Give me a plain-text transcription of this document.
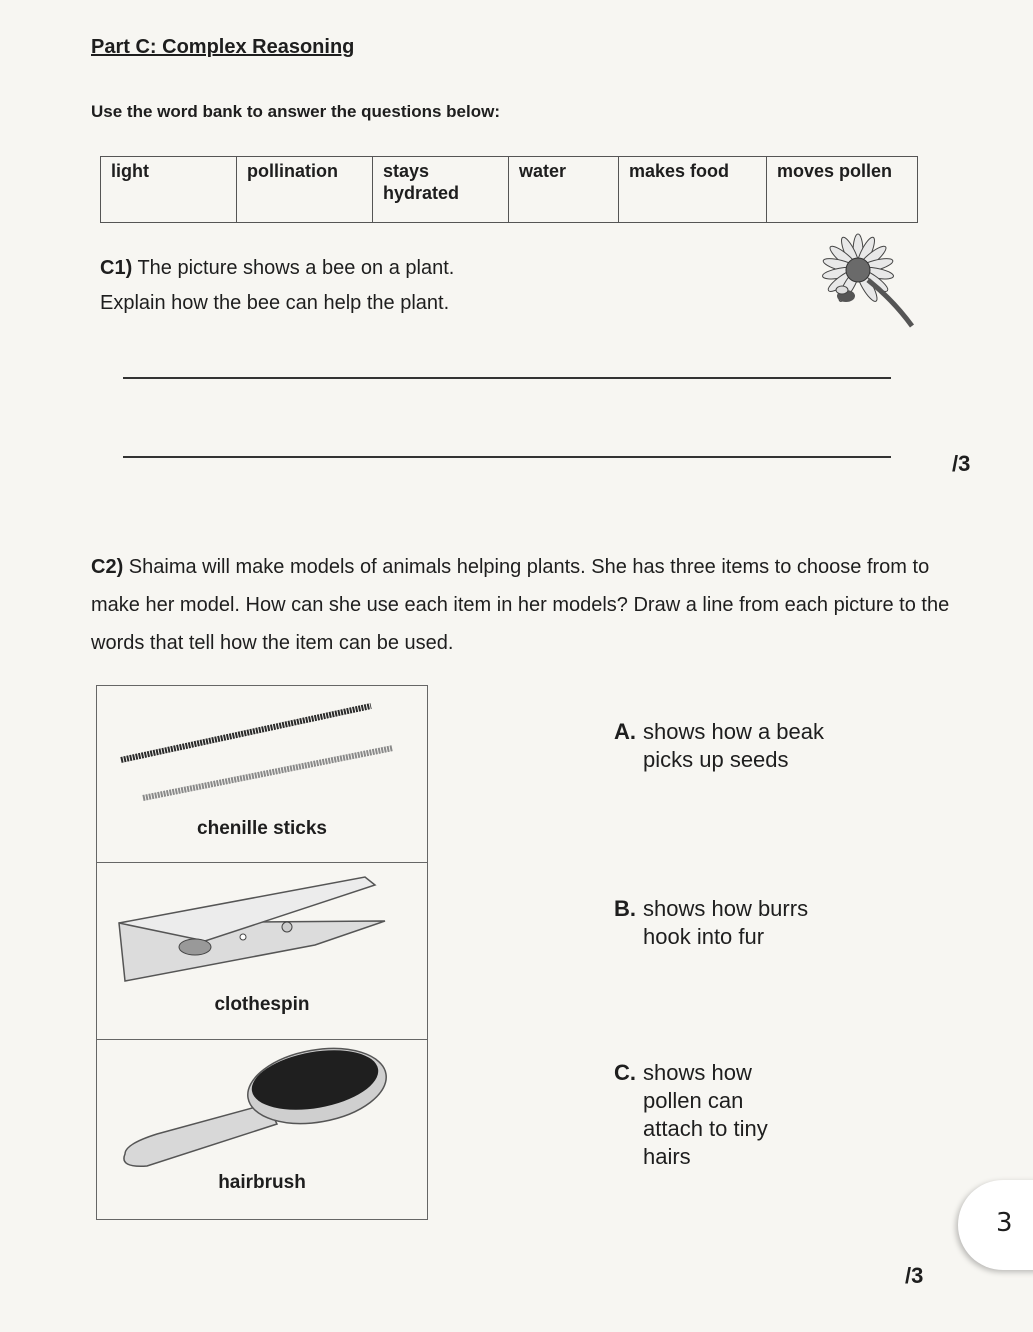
Part C: Complex Reasoning
Use the word bank to answer the questions below:
light	pollination	stays hydrated	water	makes food	moves pollen
C1) The picture shows a bee on a plant.
Explain how the bee can help the plant.
/3
C2) Shaima will make models of animals helping plants. She has three items to choose from to make her model. How can she use each item in her models? Draw a line from each picture to the words that tell how the item can be used.
chenille sticks
clothespin
hairbrush
A. shows how a beak picks up seeds
B. shows how burrs hook into fur
C. shows how pollen can attach to tiny hairs
3
/3
